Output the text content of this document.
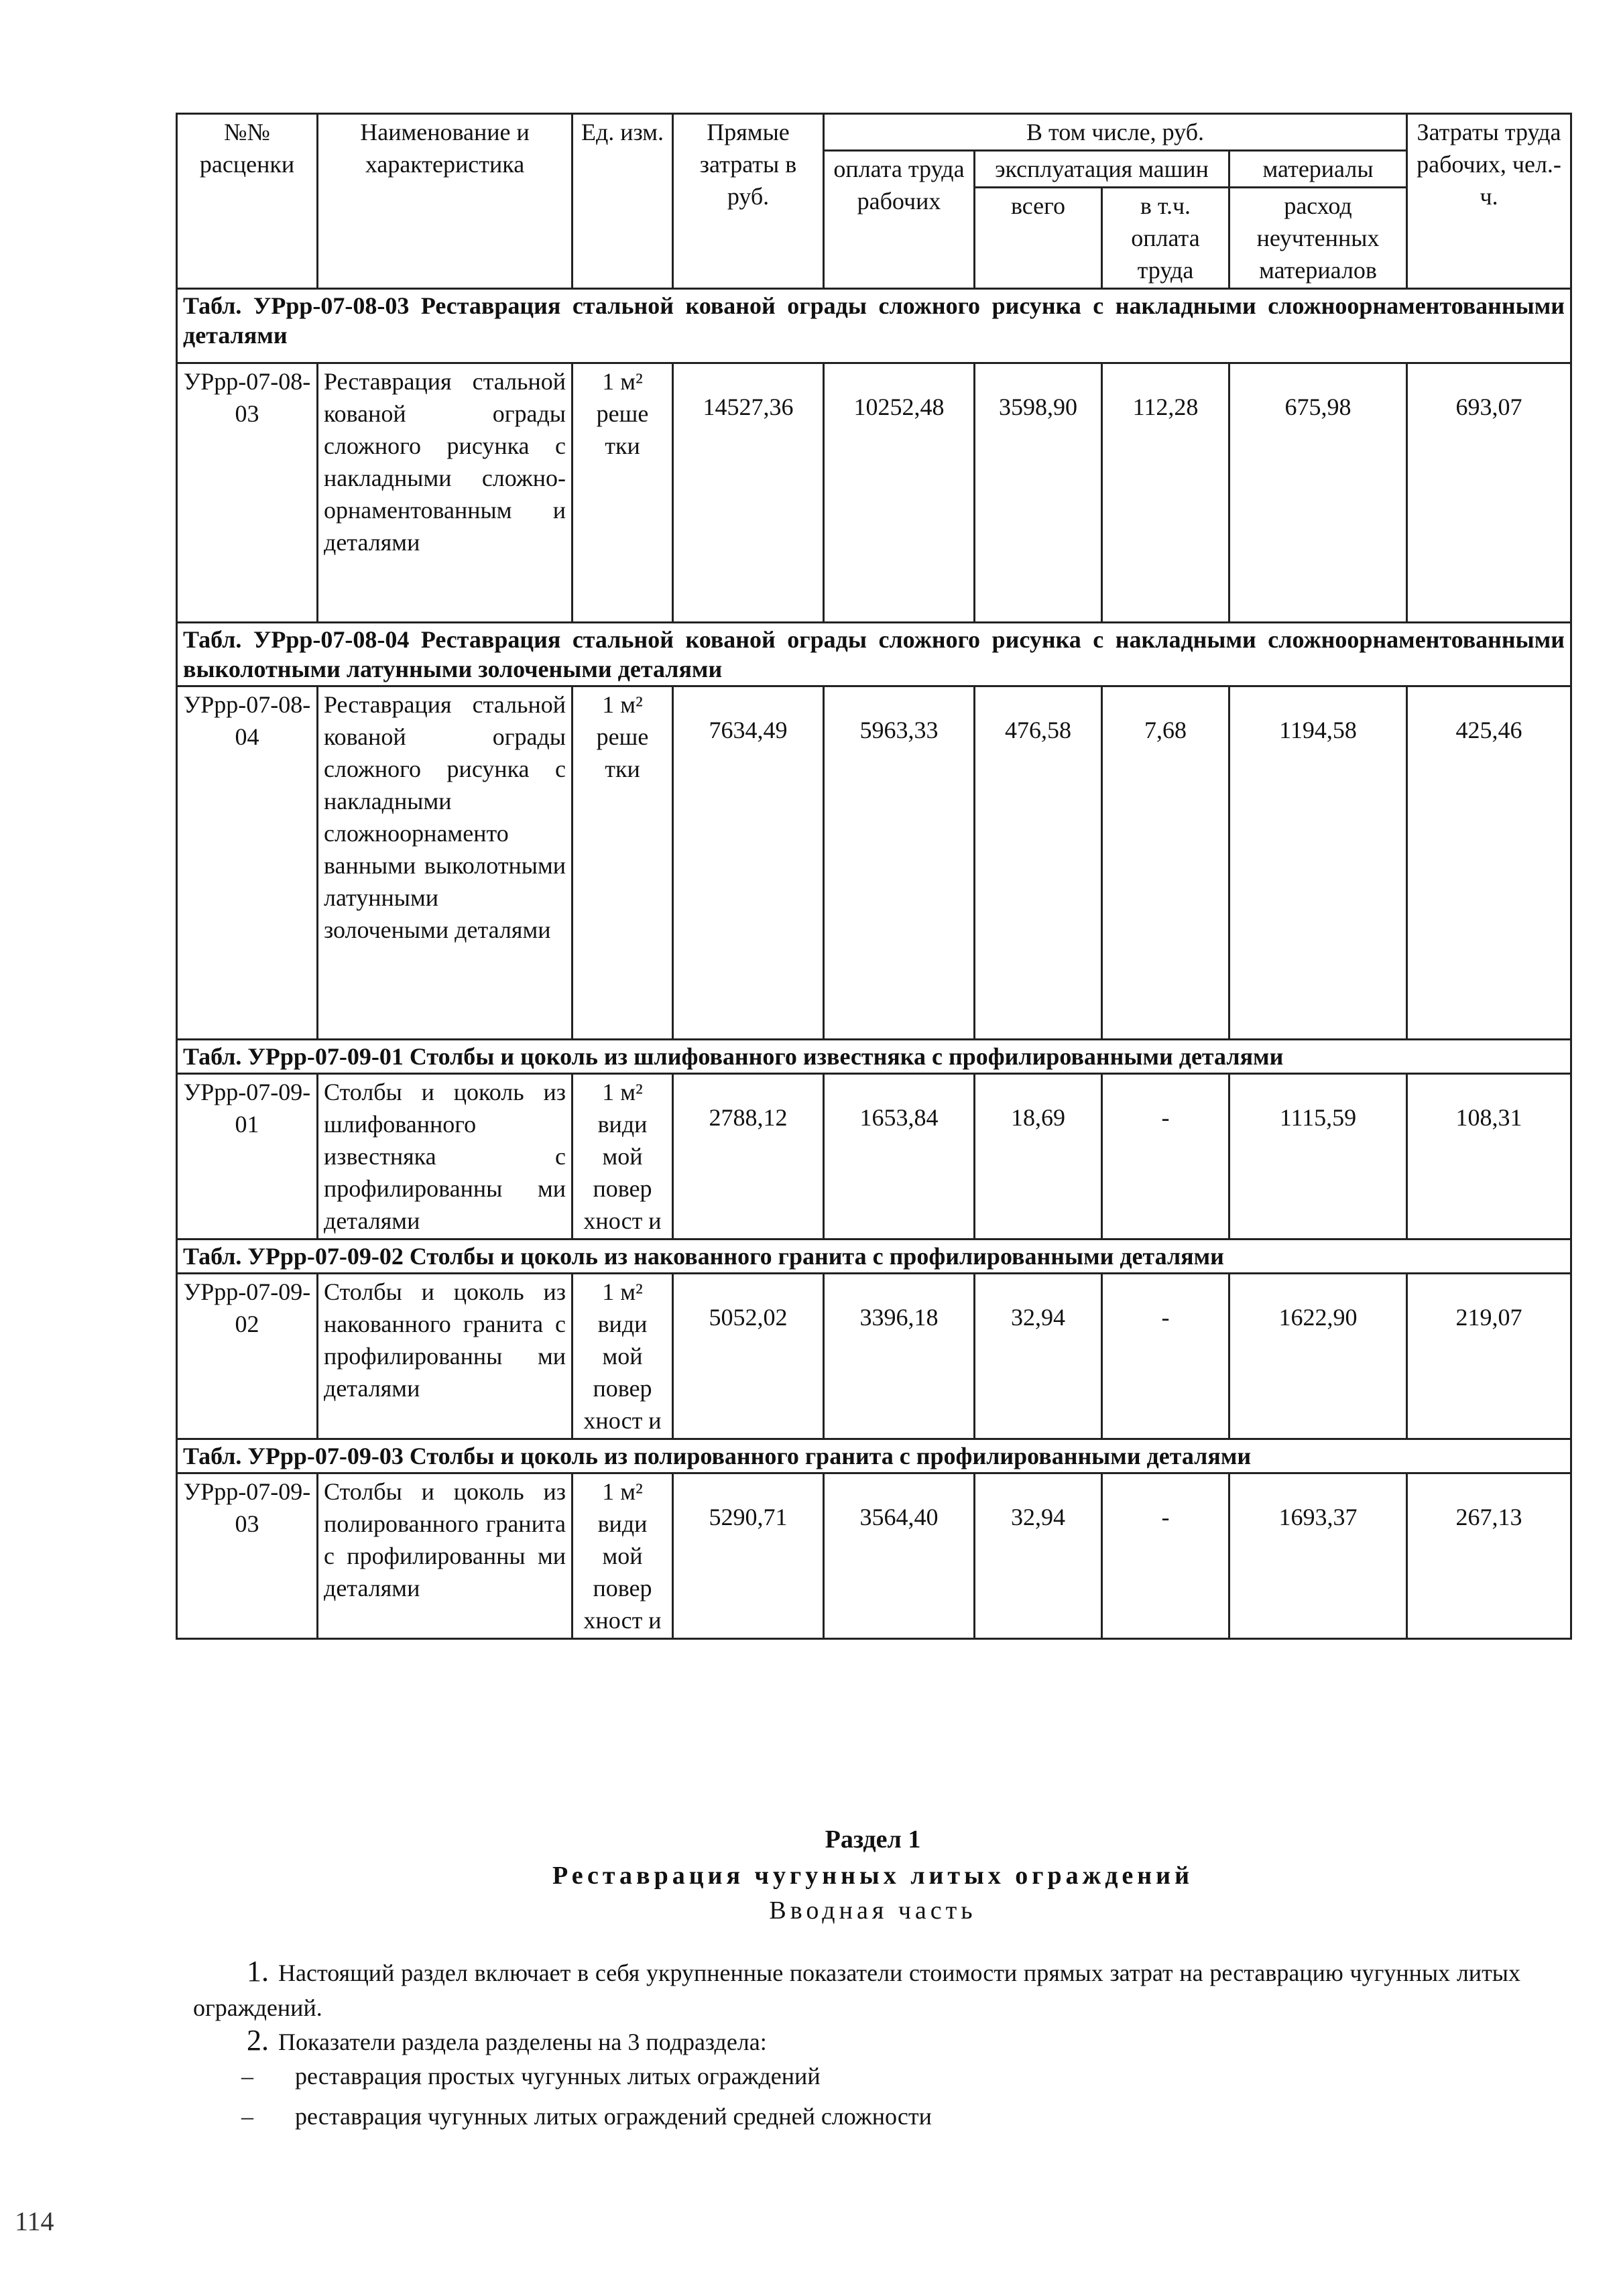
№№ расценки	Наименование и характеристика	Ед. изм.	Прямые затраты в руб.	В том числе, руб.				Затраты труда рабочих, чел.-ч.
				оплата труда рабочих	эксплуатация машин		материалы	
					всего	в т.ч. оплата труда	расход неучтенных материалов	
Табл. УРрр-07-08-03 Реставрация стальной кованой ограды сложного рисунка с накладными сложноорнаментованными деталями								
УРрр-07-08-03	Реставрация стальной кованой ограды сложного рисунка с накладными сложно-орнаментованным и деталями	1 м² реше тки	14527,36	10252,48	3598,90	112,28	675,98	693,07
Табл. УРрр-07-08-04 Реставрация стальной кованой ограды сложного рисунка с накладными сложноорнаментованными выколотными латунными золочеными деталями								
УРрр-07-08-04	Реставрация стальной кованой ограды сложного рисунка с накладными сложноорнаменто ванными выколотными латунными золочеными деталями	1 м² реше тки	7634,49	5963,33	476,58	7,68	1194,58	425,46
Табл. УРрр-07-09-01 Столбы и цоколь из шлифованного известняка с профилированными деталями								
УРрр-07-09-01	Столбы и цоколь из шлифованного известняка с профилированны ми деталями	1 м² види мой повер хност и	2788,12	1653,84	18,69	-	1115,59	108,31
Табл. УРрр-07-09-02 Столбы и цоколь из накованного гранита с профилированными деталями								
УРрр-07-09-02	Столбы и цоколь из накованного гранита с профилированны ми деталями	1 м² види мой повер хност и	5052,02	3396,18	32,94	-	1622,90	219,07
Табл. УРрр-07-09-03 Столбы и цоколь из полированного гранита с профилированными деталями								
УРрр-07-09-03	Столбы и цоколь из полированного гранита с профилированны ми деталями	1 м² види мой повер хност и	5290,71	3564,40	32,94	-	1693,37	267,13
Раздел 1
Реставрация чугунных литых ограждений
Вводная часть
1. Настоящий раздел включает в себя укрупненные показатели стоимости прямых затрат на реставрацию чугунных литых ограждений.
2. Показатели раздела разделены на 3 подраздела:
– реставрация простых чугунных литых ограждений
– реставрация чугунных литых ограждений средней сложности
114
